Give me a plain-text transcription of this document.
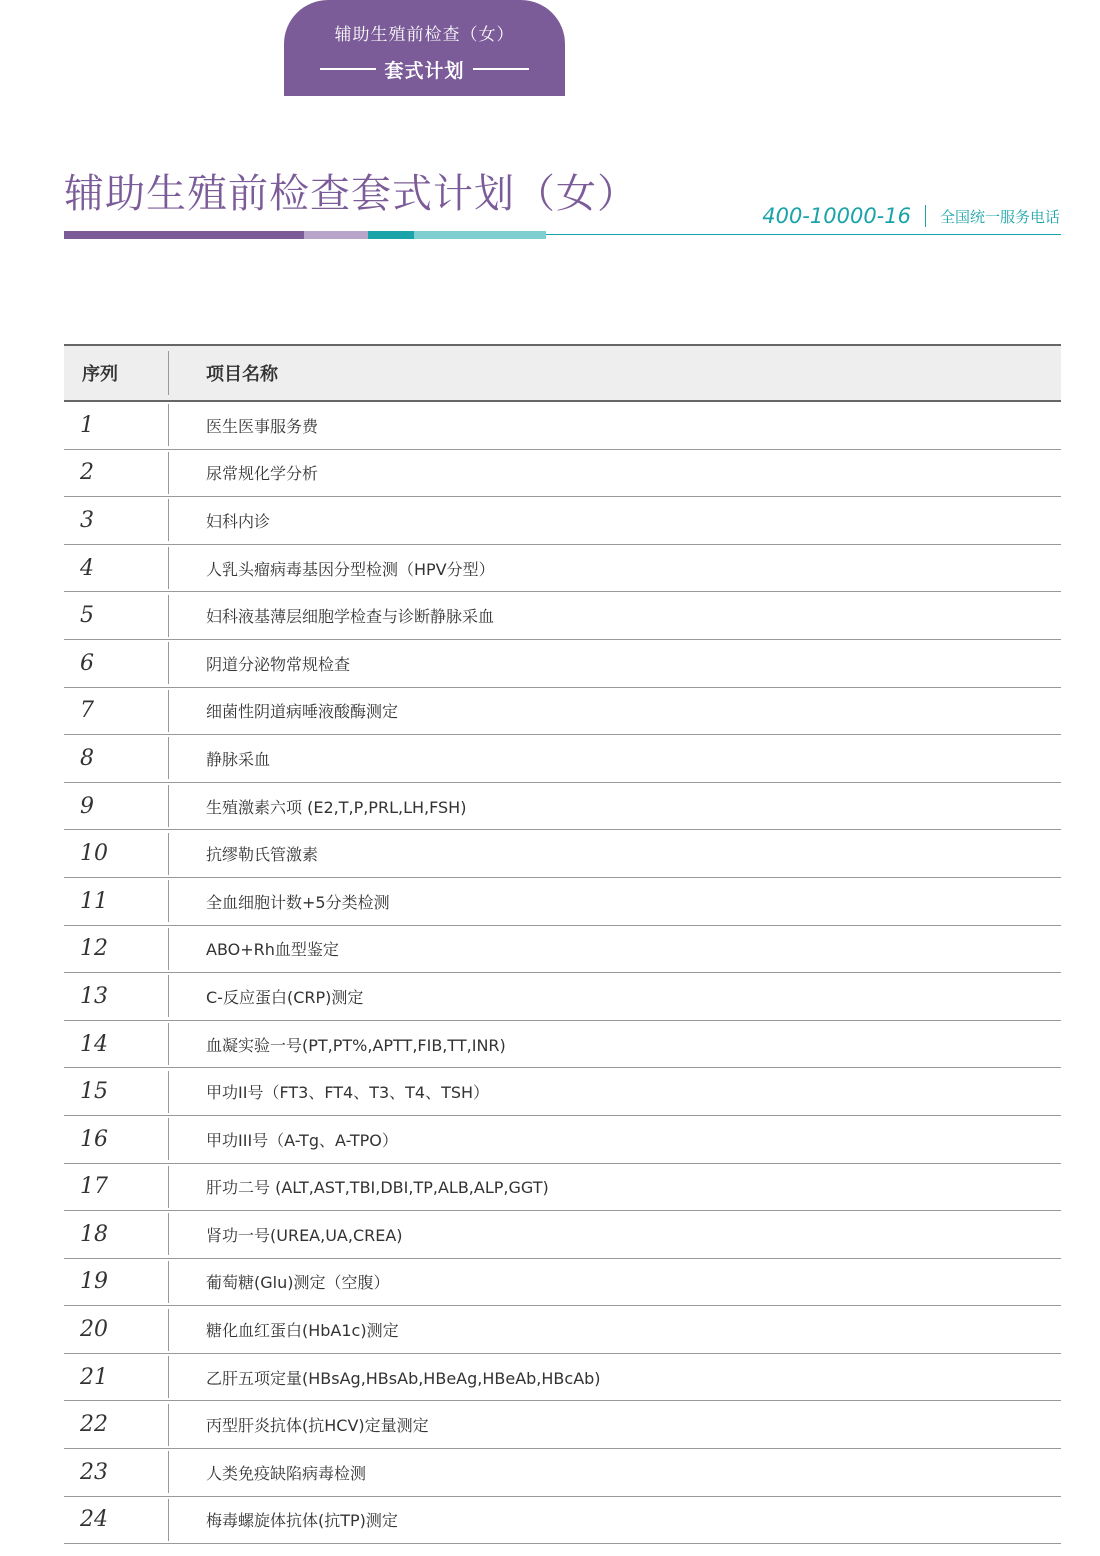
辅助生殖前检查（女）
套式计划
辅助生殖前检查套式计划（女）	400-10000-16 全国统一服务电话
序列	项目名称
1	医生医事服务费
2	尿常规化学分析
3	妇科内诊
4	人乳头瘤病毒基因分型检测（HPV分型）
5	妇科液基薄层细胞学检查与诊断静脉采血
6	阴道分泌物常规检查
7	细菌性阴道病唾液酸酶测定
8	静脉采血
9	生殖激素六项 (E2,T,P,PRL,LH,FSH)
10	抗缪勒氏管激素
11	全血细胞计数+5分类检测
12	ABO+Rh血型鉴定
13	C-反应蛋白(CRP)测定
14	血凝实验一号(PT,PT%,APTT,FIB,TT,INR)
15	甲功II号（FT3、FT4、T3、T4、TSH）
16	甲功III号（A-Tg、A-TPO）
17	肝功二号 (ALT,AST,TBI,DBI,TP,ALB,ALP,GGT)
18	肾功一号(UREA,UA,CREA)
19	葡萄糖(Glu)测定（空腹）
20	糖化血红蛋白(HbA1c)测定
21	乙肝五项定量(HBsAg,HBsAb,HBeAg,HBeAb,HBcAb)
22	丙型肝炎抗体(抗HCV)定量测定
23	人类免疫缺陷病毒检测
24	梅毒螺旋体抗体(抗TP)测定
